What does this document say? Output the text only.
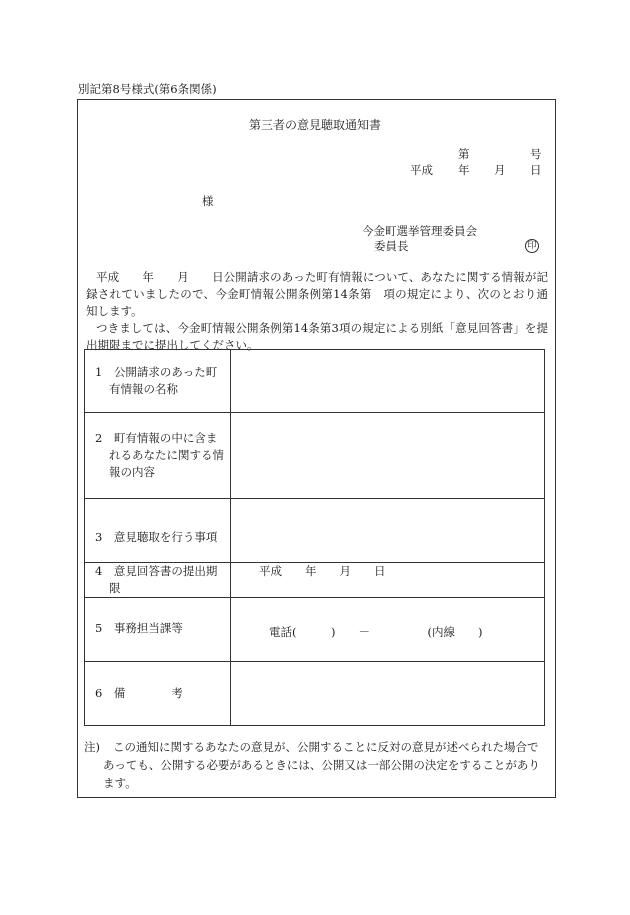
別記第8号様式(第6条関係)
第三者の意見聴取通知書
第	号
平成 年 月 日
様
今金町選挙管理委員会
委員長	印
平成　　年　　月　　日公開請求のあった町有情報について、あなたに関する情報が記録されていましたので、今金町情報公開条例第14条第　項の規定により、次のとおり通知します。
つきましては、今金町情報公開条例第14条第3項の規定による別紙「意見回答書」を提出期限までに提出してください。
1　公開請求のあった町有情報の名称	

2　町有情報の中に含まれるあなたに関する情報の内容	

3　意見聴取を行う事項	

4　意見回答書の提出期限	平成　　年　　月　　日

5　事務担当課等	電話(　　　)　　－　　　　　(内線　　)

6　備　　　　考	

注)	この通知に関するあなたの意見が、公開することに反対の意見が述べられた場合であっても、公開する必要があるときには、公開又は一部公開の決定をすることがあります。
